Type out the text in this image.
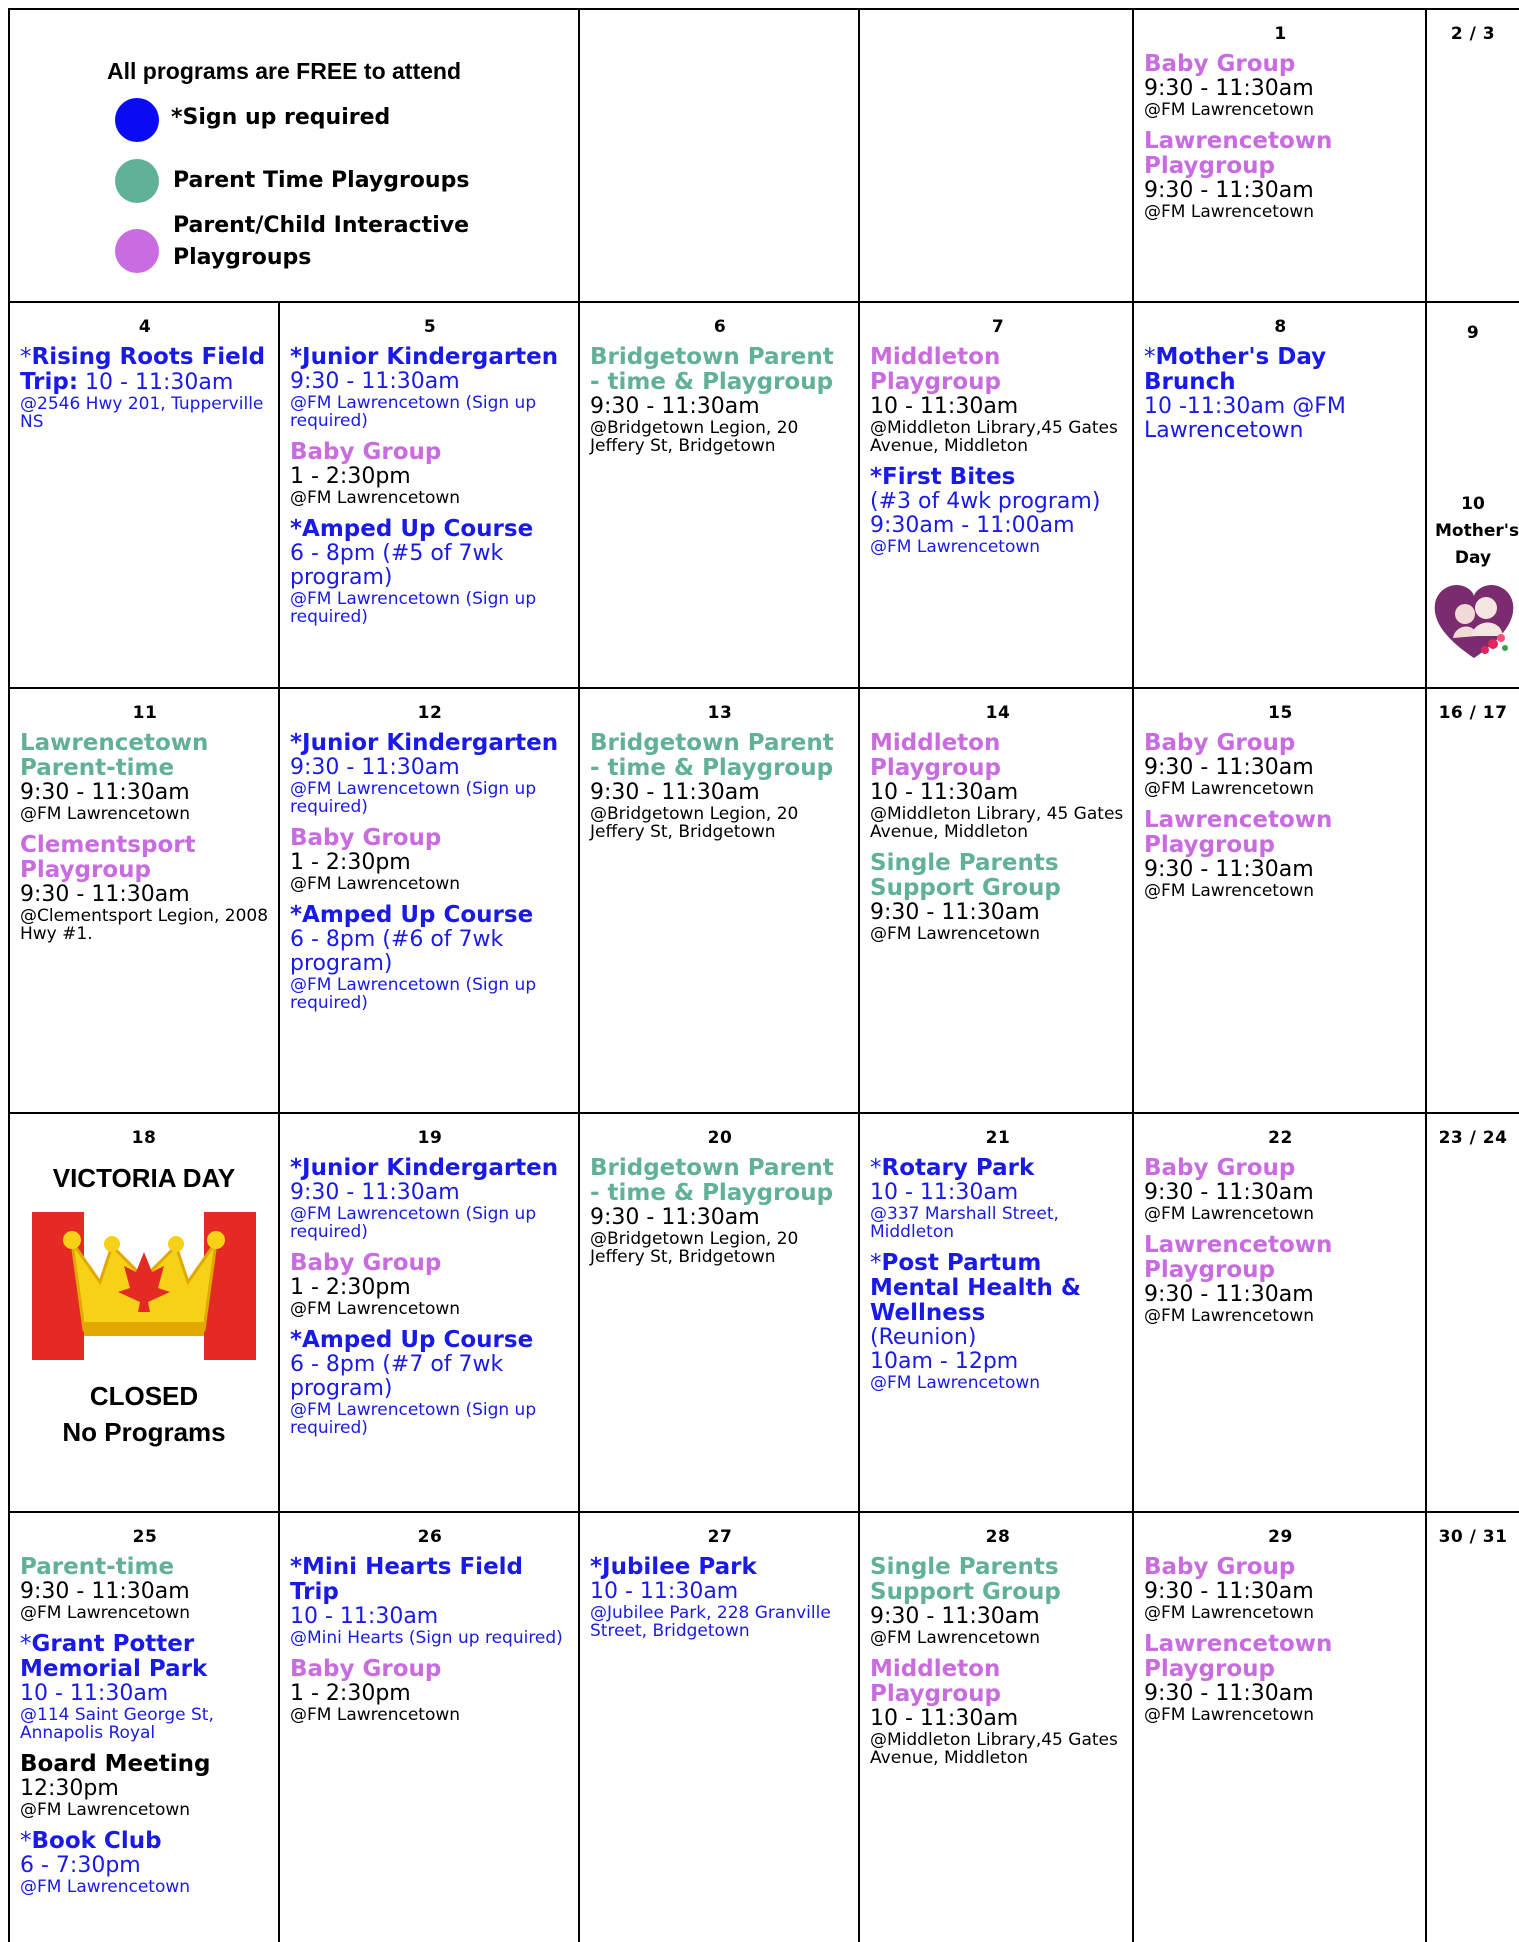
All programs are FREE to attend
*Sign up required
Parent Time Playgroups
Parent/Child Interactive Playgroups
1
Baby Group
9:30 - 11:30am
@FM Lawrencetown
Lawrencetown Playgroup
9:30 - 11:30am
@FM Lawrencetown
2 / 3
4
*Rising Roots Field Trip: 10 - 11:30am
@2546 Hwy 201, Tupperville NS
5
*Junior Kindergarten
9:30 - 11:30am
@FM Lawrencetown (Sign up required)
Baby Group
1 - 2:30pm
@FM Lawrencetown
*Amped Up Course
6 - 8pm (#5 of 7wk program)
@FM Lawrencetown (Sign up required)
6
Bridgetown Parent - time & Playgroup
9:30 - 11:30am
@Bridgetown Legion, 20 Jeffery St, Bridgetown
7
Middleton Playgroup
10 - 11:30am
@Middleton Library,45 Gates Avenue, Middleton
*First Bites
(#3 of 4wk program)
9:30am - 11:00am
@FM Lawrencetown
8
*Mother's Day Brunch
10 -11:30am @FM Lawrencetown
9
10
Mother's Day
11
Lawrencetown Parent-time
9:30 - 11:30am
@FM Lawrencetown
Clementsport Playgroup
9:30 - 11:30am
@Clementsport Legion, 2008 Hwy #1.
12
*Junior Kindergarten
9:30 - 11:30am
@FM Lawrencetown (Sign up required)
Baby Group
1 - 2:30pm
@FM Lawrencetown
*Amped Up Course
6 - 8pm (#6 of 7wk program)
@FM Lawrencetown (Sign up required)
13
Bridgetown Parent - time & Playgroup
9:30 - 11:30am
@Bridgetown Legion, 20 Jeffery St, Bridgetown
14
Middleton Playgroup
10 - 11:30am
@Middleton Library, 45 Gates Avenue, Middleton
Single Parents Support Group
9:30 - 11:30am
@FM Lawrencetown
15
Baby Group
9:30 - 11:30am
@FM Lawrencetown
Lawrencetown Playgroup
9:30 - 11:30am
@FM Lawrencetown
16 / 17
18
VICTORIA DAY
CLOSED
No Programs
19
*Junior Kindergarten
9:30 - 11:30am
@FM Lawrencetown (Sign up required)
Baby Group
1 - 2:30pm
@FM Lawrencetown
*Amped Up Course
6 - 8pm (#7 of 7wk program)
@FM Lawrencetown (Sign up required)
20
Bridgetown Parent - time & Playgroup
9:30 - 11:30am
@Bridgetown Legion, 20 Jeffery St, Bridgetown
21
*Rotary Park
10 - 11:30am
@337 Marshall Street, Middleton
*Post Partum Mental Health & Wellness
(Reunion)
10am - 12pm
@FM Lawrencetown
22
Baby Group
9:30 - 11:30am
@FM Lawrencetown
Lawrencetown Playgroup
9:30 - 11:30am
@FM Lawrencetown
23 / 24
25
Parent-time
9:30 - 11:30am
@FM Lawrencetown
*Grant Potter Memorial Park
10 - 11:30am
@114 Saint George St, Annapolis Royal
Board Meeting
12:30pm
@FM Lawrencetown
*Book Club
6 - 7:30pm
@FM Lawrencetown
26
*Mini Hearts Field Trip
10 - 11:30am
@Mini Hearts (Sign up required)
Baby Group
1 - 2:30pm
@FM Lawrencetown
27
*Jubilee Park
10 - 11:30am
@Jubilee Park, 228 Granville Street, Bridgetown
28
Single Parents Support Group
9:30 - 11:30am
@FM Lawrencetown
Middleton Playgroup
10 - 11:30am
@Middleton Library,45 Gates Avenue, Middleton
29
Baby Group
9:30 - 11:30am
@FM Lawrencetown
Lawrencetown Playgroup
9:30 - 11:30am
@FM Lawrencetown
30 / 31
